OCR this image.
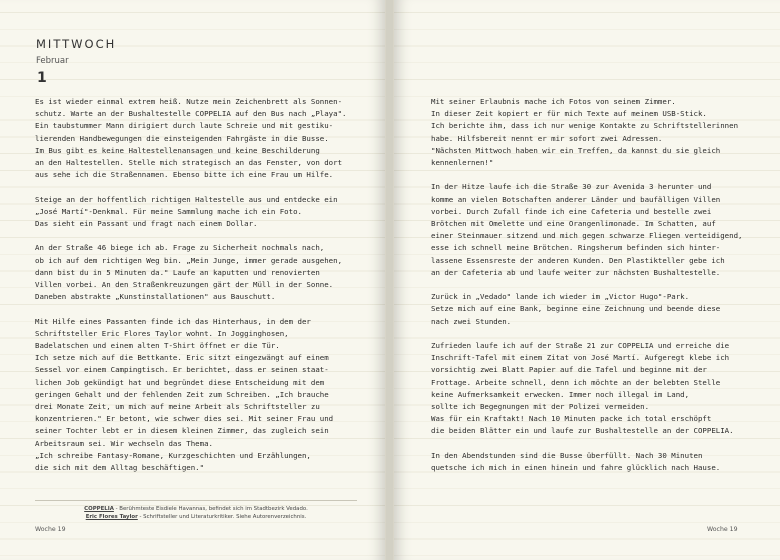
MITTWOCH
Februar
1

Es ist wieder einmal extrem heiß. Nutze mein Zeichenbrett als Sonnen-
schutz. Warte an der Bushaltestelle COPPELIA auf den Bus nach „Playa".
Ein taubstummer Mann dirigiert durch laute Schreie und mit gestiku-
lierenden Handbewegungen die einsteigenden Fahrgäste in die Busse.
Im Bus gibt es keine Haltestellenansagen und keine Beschilderung
an den Haltestellen. Stelle mich strategisch an das Fenster, von dort
aus sehe ich die Straßennamen. Ebenso bitte ich eine Frau um Hilfe.

Steige an der hoffentlich richtigen Haltestelle aus und entdecke ein
„José Martí"-Denkmal. Für meine Sammlung mache ich ein Foto.
Das sieht ein Passant und fragt nach einem Dollar.

An der Straße 46 biege ich ab. Frage zu Sicherheit nochmals nach,
ob ich auf dem richtigen Weg bin. „Mein Junge, immer gerade ausgehen,
dann bist du in 5 Minuten da." Laufe an kaputten und renovierten
Villen vorbei. An den Straßenkreuzungen gärt der Müll in der Sonne.
Daneben abstrakte „Kunstinstallationen" aus Bauschutt.

Mit Hilfe eines Passanten finde ich das Hinterhaus, in dem der
Schriftsteller Eric Flores Taylor wohnt. In Jogginghosen,
Badelatschen und einem alten T-Shirt öffnet er die Tür.
Ich setze mich auf die Bettkante. Eric sitzt eingezwängt auf einem
Sessel vor einem Campingtisch. Er berichtet, dass er seinen staat-
lichen Job gekündigt hat und begründet diese Entscheidung mit dem
geringen Gehalt und der fehlenden Zeit zum Schreiben. „Ich brauche
drei Monate Zeit, um mich auf meine Arbeit als Schriftsteller zu
konzentrieren." Er betont, wie schwer dies sei. Mit seiner Frau und
seiner Tochter lebt er in diesem kleinen Zimmer, das zugleich sein
Arbeitsraum sei. Wir wechseln das Thema.
„Ich schreibe Fantasy-Romane, Kurzgeschichten und Erzählungen,
die sich mit dem Alltag beschäftigen."

COPPELIA - Berühmteste Eisdiele Havannas, befindet sich im Stadtbezirk Vedado.
Eric Flores Taylor - Schriftsteller und Literaturkritiker. Siehe Autorenverzeichnis.
Woche 19

Mit seiner Erlaubnis mache ich Fotos von seinem Zimmer.
In dieser Zeit kopiert er für mich Texte auf meinem USB-Stick.
Ich berichte ihm, dass ich nur wenige Kontakte zu Schriftstellerinnen
habe. Hilfsbereit nennt er mir sofort zwei Adressen.
"Nächsten Mittwoch haben wir ein Treffen, da kannst du sie gleich
kennenlernen!"

In der Hitze laufe ich die Straße 30 zur Avenida 3 herunter und
komme an vielen Botschaften anderer Länder und baufälligen Villen
vorbei. Durch Zufall finde ich eine Cafeteria und bestelle zwei
Brötchen mit Omelette und eine Orangenlimonade. Im Schatten, auf
einer Steinmauer sitzend und mich gegen schwarze Fliegen verteidigend,
esse ich schnell meine Brötchen. Ringsherum befinden sich hinter-
lassene Essensreste der anderen Kunden. Den Plastikteller gebe ich
an der Cafeteria ab und laufe weiter zur nächsten Bushaltestelle.

Zurück in „Vedado" lande ich wieder im „Victor Hugo"-Park.
Setze mich auf eine Bank, beginne eine Zeichnung und beende diese
nach zwei Stunden.

Zufrieden laufe ich auf der Straße 21 zur COPPELIA und erreiche die
Inschrift-Tafel mit einem Zitat von José Martí. Aufgeregt klebe ich
vorsichtig zwei Blatt Papier auf die Tafel und beginne mit der
Frottage. Arbeite schnell, denn ich möchte an der belebten Stelle
keine Aufmerksamkeit erwecken. Immer noch illegal im Land,
sollte ich Begegnungen mit der Polizei vermeiden.
Was für ein Kraftakt! Nach 10 Minuten packe ich total erschöpft
die beiden Blätter ein und laufe zur Bushaltestelle an der COPPELIA.

In den Abendstunden sind die Busse überfüllt. Nach 30 Minuten
quetsche ich mich in einen hinein und fahre glücklich nach Hause.

Woche 19
